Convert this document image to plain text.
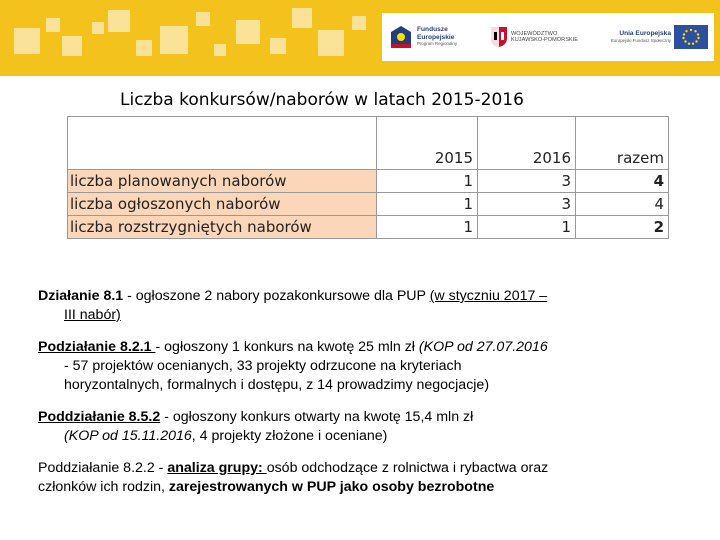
Fundusze
Europejskie
Program Regionalny
WOJEWÓDZTWO
KUJAWSKO-POMORSKIE
Unia Europejska
Europejski Fundusz Społeczny
Liczba konkursów/naborów w latach 2015-2016
	2015	2016	razem
liczba planowanych naborów	1	3	4
liczba ogłoszonych naborów	1	3	4
liczba rozstrzygniętych naborów	1	1	2

Działanie 8.1 - ogłoszone 2 nabory pozakonkursowe dla PUP (w styczniu 2017 –
III nabór)

Podziałanie 8.2.1 - ogłoszony 1 konkurs na kwotę 25 mln zł (KOP od 27.07.2016
- 57 projektów ocenianych, 33 projekty odrzucone na kryteriach
horyzontalnych, formalnych i dostępu, z 14 prowadzimy negocjacje)

Poddziałanie 8.5.2 - ogłoszony konkurs otwarty na kwotę 15,4 mln zł
(KOP od 15.11.2016, 4 projekty złożone i oceniane)

Poddziałanie 8.2.2 - analiza grupy: osób odchodzące z rolnictwa i rybactwa oraz
członków ich rodzin, zarejestrowanych w PUP jako osoby bezrobotne
